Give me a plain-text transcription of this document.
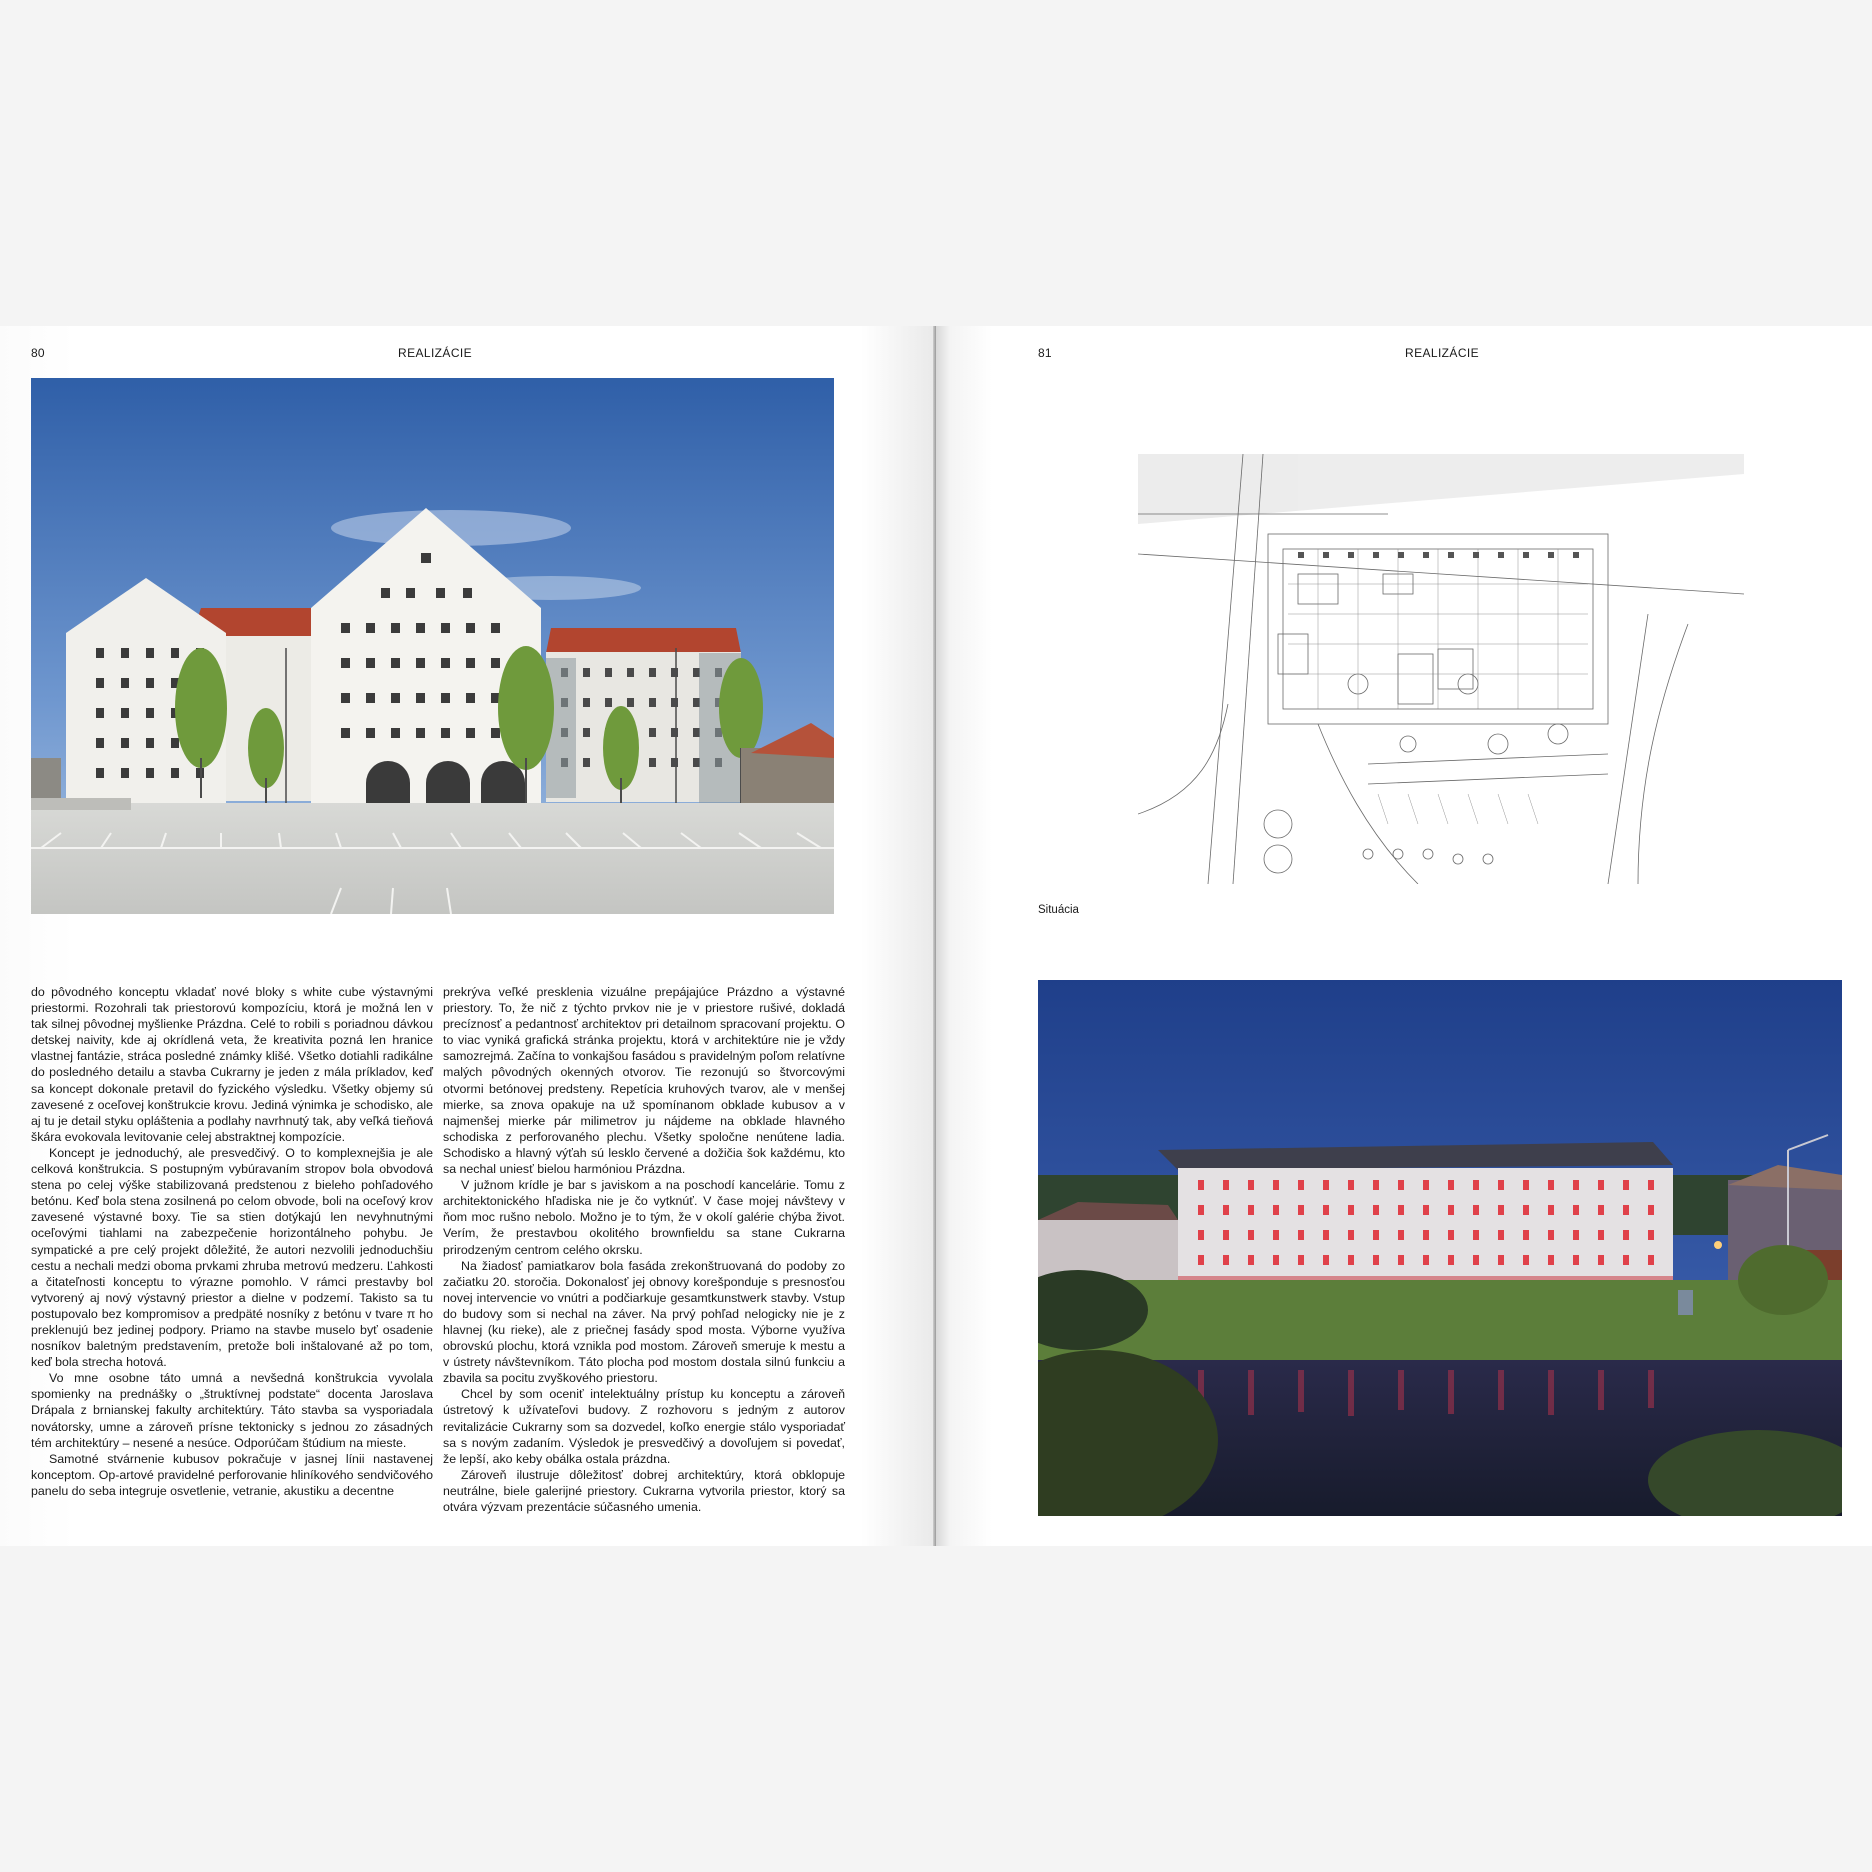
80	REALIZÁCIE

do pôvodného konceptu vkladať nové bloky s white cube výstavnými priestormi. Rozohrali tak priestorovú kompozíciu, ktorá je možná len v tak silnej pôvodnej myšlienke Prázdna. Celé to robili s poriadnou dávkou detskej naivity, kde aj okrídlená veta, že kreativita pozná len hranice vlastnej fantázie, stráca posledné známky klišé. Všetko dotiahli radikálne do posledného detailu a stavba Cukrarny je jeden z mála príkladov, keď sa koncept dokonale pretavil do fyzického výsledku. Všetky objemy sú zavesené z oceľovej konštrukcie krovu. Jediná výnimka je schodisko, ale aj tu je detail styku opláštenia a podlahy navrhnutý tak, aby veľká tieňová škára evokovala levitovanie celej abstraktnej kompozície.

Koncept je jednoduchý, ale presvedčivý. O to komplexnejšia je ale celková konštrukcia. S postupným vybúravaním stropov bola obvodová stena po celej výške stabilizovaná predstenou z bieleho pohľadového betónu. Keď bola stena zosilnená po celom obvode, boli na oceľový krov zavesené výstavné boxy. Tie sa stien dotýkajú len nevyhnutnými oceľovými tiahlami na zabezpečenie horizontálneho pohybu. Je sympatické a pre celý projekt dôležité, že autori nezvolili jednoduchšiu cestu a nechali medzi oboma prvkami zhruba metrovú medzeru. Ľahkosti a čitateľnosti konceptu to výrazne pomohlo. V rámci prestavby bol vytvorený aj nový výstavný priestor a dielne v podzemí. Takisto sa tu postupovalo bez kompromisov a predpäté nosníky z betónu v tvare π ho preklenujú bez jedinej podpory. Priamo na stavbe muselo byť osadenie nosníkov baletným predstavením, pretože boli inštalované až po tom, keď bola strecha hotová.

Vo mne osobne táto umná a nevšedná konštrukcia vyvolala spomienky na prednášky o „štruktívnej podstate“ docenta Jaroslava Drápala z brnianskej fakulty architektúry. Táto stavba sa vysporiadala novátorsky, umne a zároveň prísne tektonicky s jednou zo zásadných tém architektúry – nesené a nesúce. Odporúčam štúdium na mieste.

Samotné stvárnenie kubusov pokračuje v jasnej línii nastavenej konceptom. Op-artové pravidelné perforovanie hliníkového sendvičového panelu do seba integruje osvetlenie, vetranie, akustiku a decentne

prekrýva veľké presklenia vizuálne prepájajúce Prázdno a výstavné priestory. To, že nič z týchto prvkov nie je v priestore rušivé, dokladá precíznosť a pedantnosť architektov pri detailnom spracovaní projektu. O to viac vyniká grafická stránka projektu, ktorá v architektúre nie je vždy samozrejmá. Začína to vonkajšou fasádou s pravidelným poľom relatívne malých pôvodných okenných otvorov. Tie rezonujú so štvorcovými otvormi betónovej predsteny. Repetícia kruhových tvarov, ale v menšej mierke, sa znova opakuje na už spomínanom obklade kubusov a v najmenšej mierke pár milimetrov ju nájdeme na obklade hlavného schodiska z perforovaného plechu. Všetky spoločne nenútene ladia. Schodisko a hlavný výťah sú lesklo červené a dožičia šok každému, kto sa nechal uniesť bielou harmóniou Prázdna.

V južnom krídle je bar s javiskom a na poschodí kancelárie. Tomu z architektonického hľadiska nie je čo vytknúť. V čase mojej návštevy v ňom moc rušno nebolo. Možno je to tým, že v okolí galérie chýba život. Verím, že prestavbou okolitého brownfieldu sa stane Cukrarna prirodzeným centrom celého okrsku.

Na žiadosť pamiatkarov bola fasáda zrekonštruovaná do podoby zo začiatku 20. storočia. Dokonalosť jej obnovy korešponduje s presnosťou novej intervencie vo vnútri a podčiarkuje gesamtkunstwerk stavby. Vstup do budovy som si nechal na záver. Na prvý pohľad nelogicky nie je z hlavnej (ku rieke), ale z priečnej fasády spod mosta. Výborne využíva obrovskú plochu, ktorá vznikla pod mostom. Zároveň smeruje k mestu a v ústrety návštevníkom. Táto plocha pod mostom dostala silnú funkciu a zbavila sa pocitu zvyškového priestoru.

Chcel by som oceniť intelektuálny prístup ku konceptu a zároveň ústretový k užívateľovi budovy. Z rozhovoru s jedným z autorov revitalizácie Cukrarny som sa dozvedel, koľko energie stálo vysporiadať sa s novým zadaním. Výsledok je presvedčivý a dovoľujem si povedať, že lepší, ako keby obálka ostala prázdna.

Zároveň ilustruje dôležitosť dobrej architektúry, ktorá obklopuje neutrálne, biele galerijné priestory. Cukrarna vytvorila priestor, ktorý sa otvára výzvam prezentácie súčasného umenia.

81	REALIZÁCIE
Situácia
